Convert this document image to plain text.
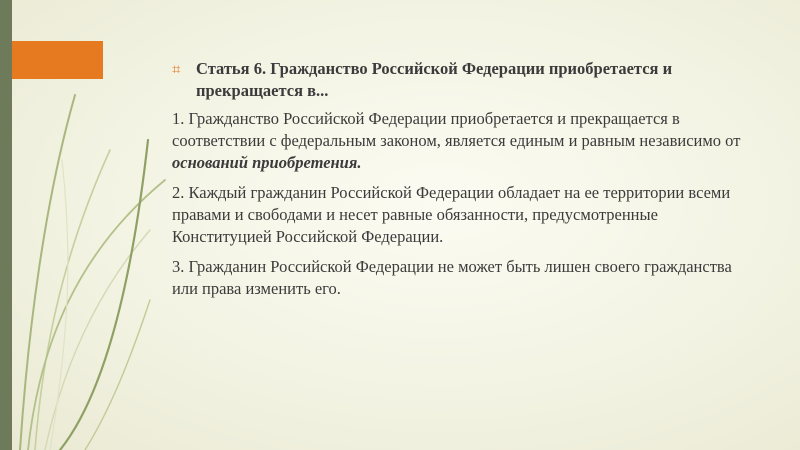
⌗ Статья 6. Гражданство Российской Федерации приобретается и прекращается в...

1. Гражданство Российской Федерации приобретается и прекращается в соответствии с федеральным законом, является единым и равным независимо от оснований приобретения.

2. Каждый гражданин Российской Федерации обладает на ее территории всеми правами и свободами и несет равные обязанности, предусмотренные Конституцией Российской Федерации.

3. Гражданин Российской Федерации не может быть лишен своего гражданства или права изменить его.
